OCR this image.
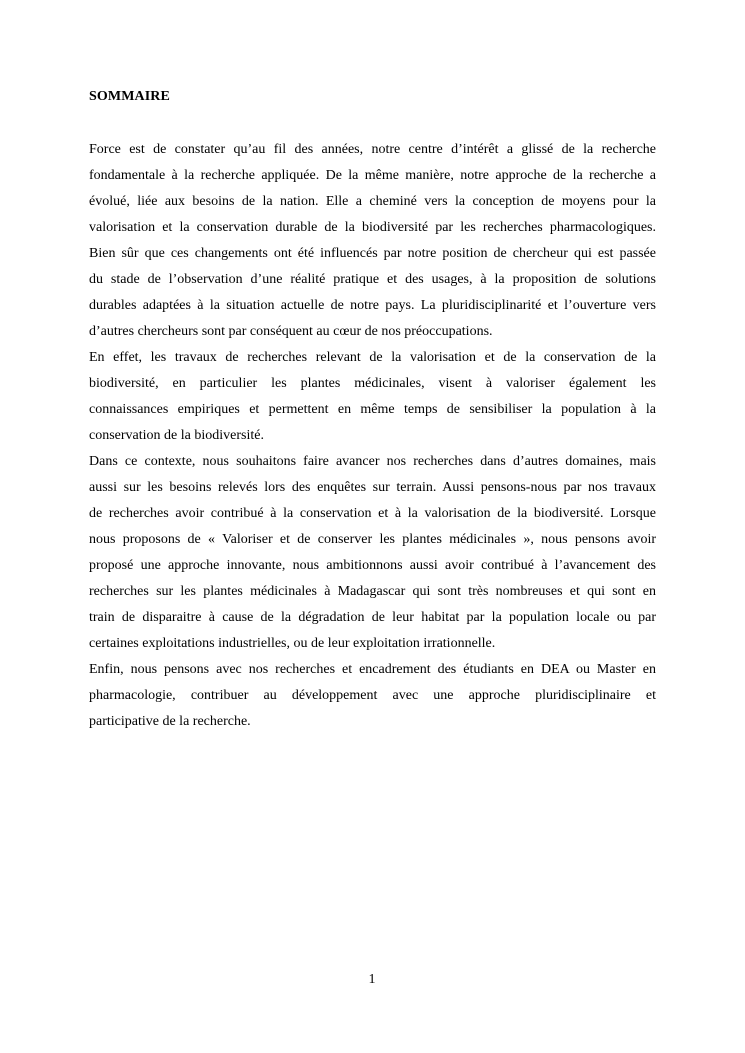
SOMMAIRE
Force est de constater qu’au fil des années, notre centre d’intérêt a glissé de la recherche
fondamentale à la recherche appliquée. De la même manière, notre approche de la recherche a
évolué, liée aux besoins de la nation. Elle a cheminé vers la conception de moyens pour la
valorisation et la conservation durable de la biodiversité par les recherches pharmacologiques.
Bien sûr que ces changements ont été influencés par notre position de chercheur qui est passée
du stade de l’observation d’une réalité pratique et des usages, à la proposition de solutions
durables adaptées à la situation actuelle de notre pays. La pluridisciplinarité et l’ouverture vers
d’autres chercheurs sont par conséquent au cœur de nos préoccupations.
En effet, les travaux de recherches relevant de la valorisation et de la conservation de la
biodiversité, en particulier les plantes médicinales, visent à valoriser également les
connaissances empiriques et permettent en même temps de sensibiliser la population à la
conservation de la biodiversité.
Dans ce contexte, nous souhaitons faire avancer nos recherches dans d’autres domaines, mais
aussi sur les besoins relevés lors des enquêtes sur terrain. Aussi pensons-nous par nos travaux
de recherches avoir contribué à la conservation et à la valorisation de la biodiversité. Lorsque
nous proposons de « Valoriser et de conserver les plantes médicinales », nous pensons avoir
proposé une approche innovante, nous ambitionnons aussi avoir contribué à l’avancement des
recherches sur les plantes médicinales à Madagascar qui sont très nombreuses et qui sont en
train de disparaitre à cause de la dégradation de leur habitat par la population locale ou par
certaines exploitations industrielles, ou de leur exploitation irrationnelle.
Enfin, nous pensons avec nos recherches et encadrement des étudiants en DEA ou Master en
pharmacologie, contribuer au développement avec une approche pluridisciplinaire et
participative de la recherche.
1
